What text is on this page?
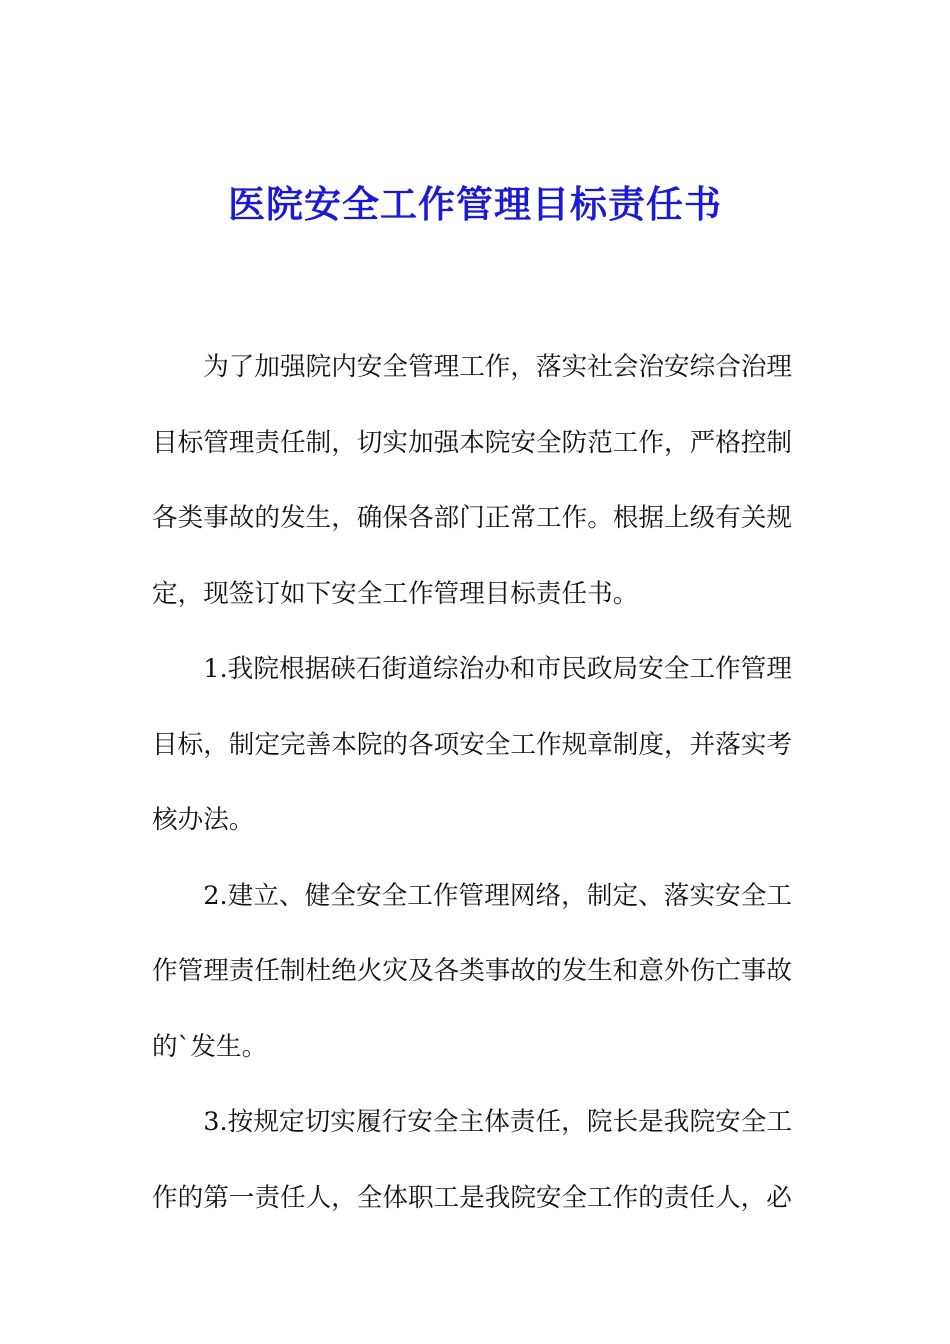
医院安全工作管理目标责任书

为了加强院内安全管理工作，落实社会治安综合治理目标管理责任制，切实加强本院安全防范工作，严格控制各类事故的发生，确保各部门正常工作。根据上级有关规定，现签订如下安全工作管理目标责任书。

1.我院根据硖石街道综治办和市民政局安全工作管理目标，制定完善本院的各项安全工作规章制度，并落实考核办法。

2.建立、健全安全工作管理网络，制定、落实安全工作管理责任制杜绝火灾及各类事故的发生和意外伤亡事故的`发生。

3.按规定切实履行安全主体责任，院长是我院安全工作的第一责任人，全体职工是我院安全工作的责任人，必
